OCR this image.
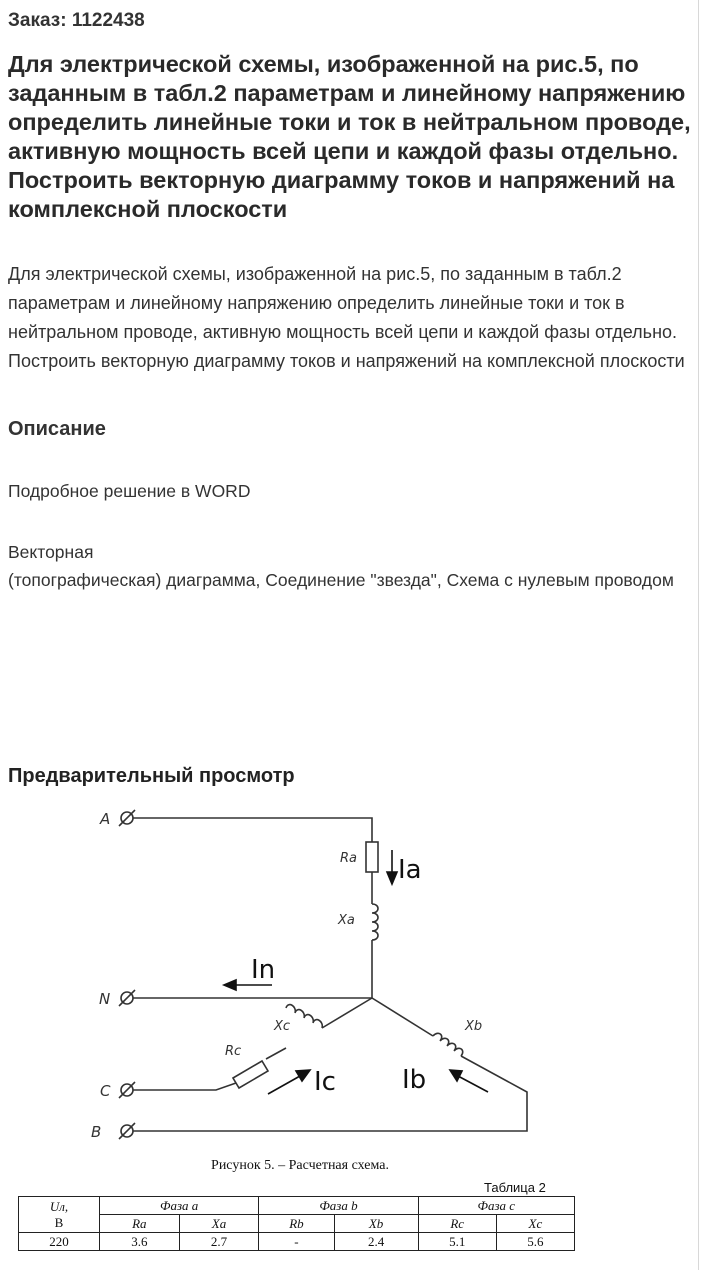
Заказ: 1122438
Для электрической схемы, изображенной на рис.5, по заданным в табл.2 параметрам и линейному напряжению определить линейные токи и ток в нейтральном проводе, активную мощность всей цепи и каждой фазы отдельно. Построить векторную диаграмму токов и напряжений на комплексной плоскости

Для электрической схемы, изображенной на рис.5, по заданным в табл.2 параметрам и линейному напряжению определить линейные токи и ток в нейтральном проводе, активную мощность всей цепи и каждой фазы отдельно. Построить векторную диаграмму токов и напряжений на комплексной плоскости

Описание

Подробное решение в WORD

Векторная
(топографическая) диаграмма, Соединение "звезда", Схема с нулевым проводом

Предварительный просмотр
A
N
C
B
Ra
Xa
Xc
Rc
Xb
Ia
In
Ic	Ib
Рисунок 5. – Расчетная схема.
Таблица 2
Uл,
В	Фаза a		Фаза b		Фаза c	
	Ra	Xa	Rb	Xb	Rc	Xc
220	3.6	2.7	-	2.4	5.1	5.6
